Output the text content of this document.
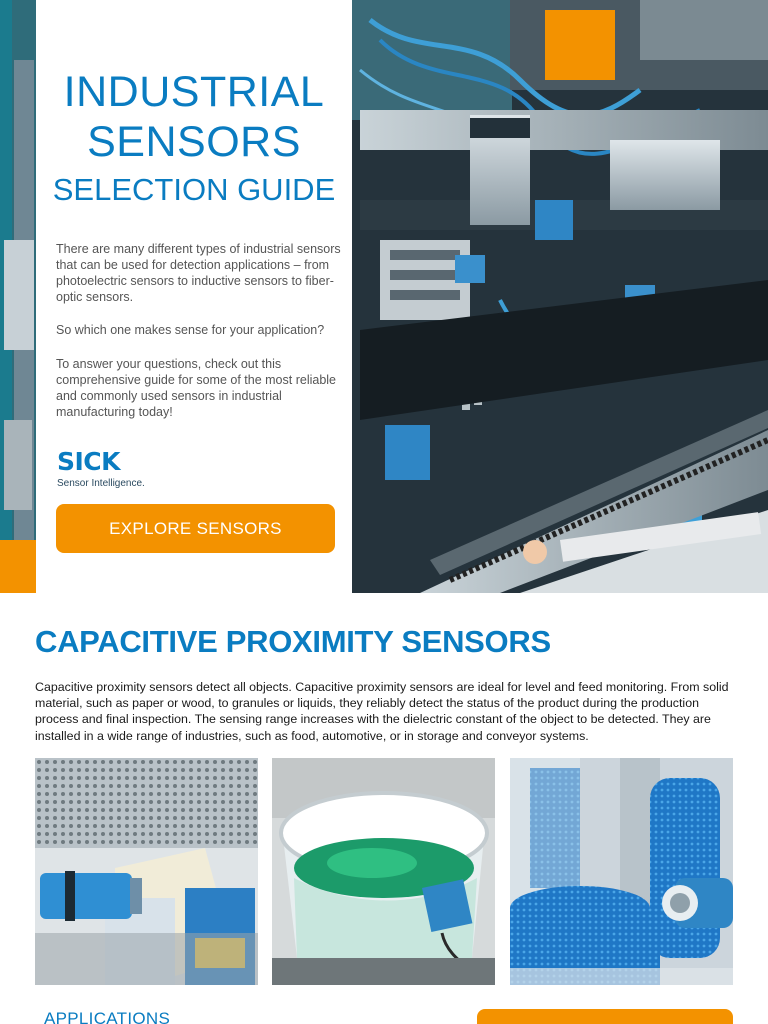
INDUSTRIAL
SENSORS
SELECTION GUIDE

There are many different types of industrial sensors that can be used for detection applications – from photoelectric sensors to inductive sensors to fiber-optic sensors.

So which one makes sense for your application?

To answer your questions, check out this comprehensive guide for some of the most reliable and commonly used sensors in industrial manufacturing today!

SICK
Sensor Intelligence.
EXPLORE SENSORS
CAPACITIVE PROXIMITY SENSORS

Capacitive proximity sensors detect all objects. Capacitive proximity sensors are ideal for level and feed monitoring. From solid material, such as paper or wood, to granules or liquids, they reliably detect the status of the product during the production process and final inspection. The sensing range increases with the dielectric constant of the object to be detected. They are installed in a wide range of industries, such as food, automotive, or in storage and conveyor systems.

APPLICATIONS
